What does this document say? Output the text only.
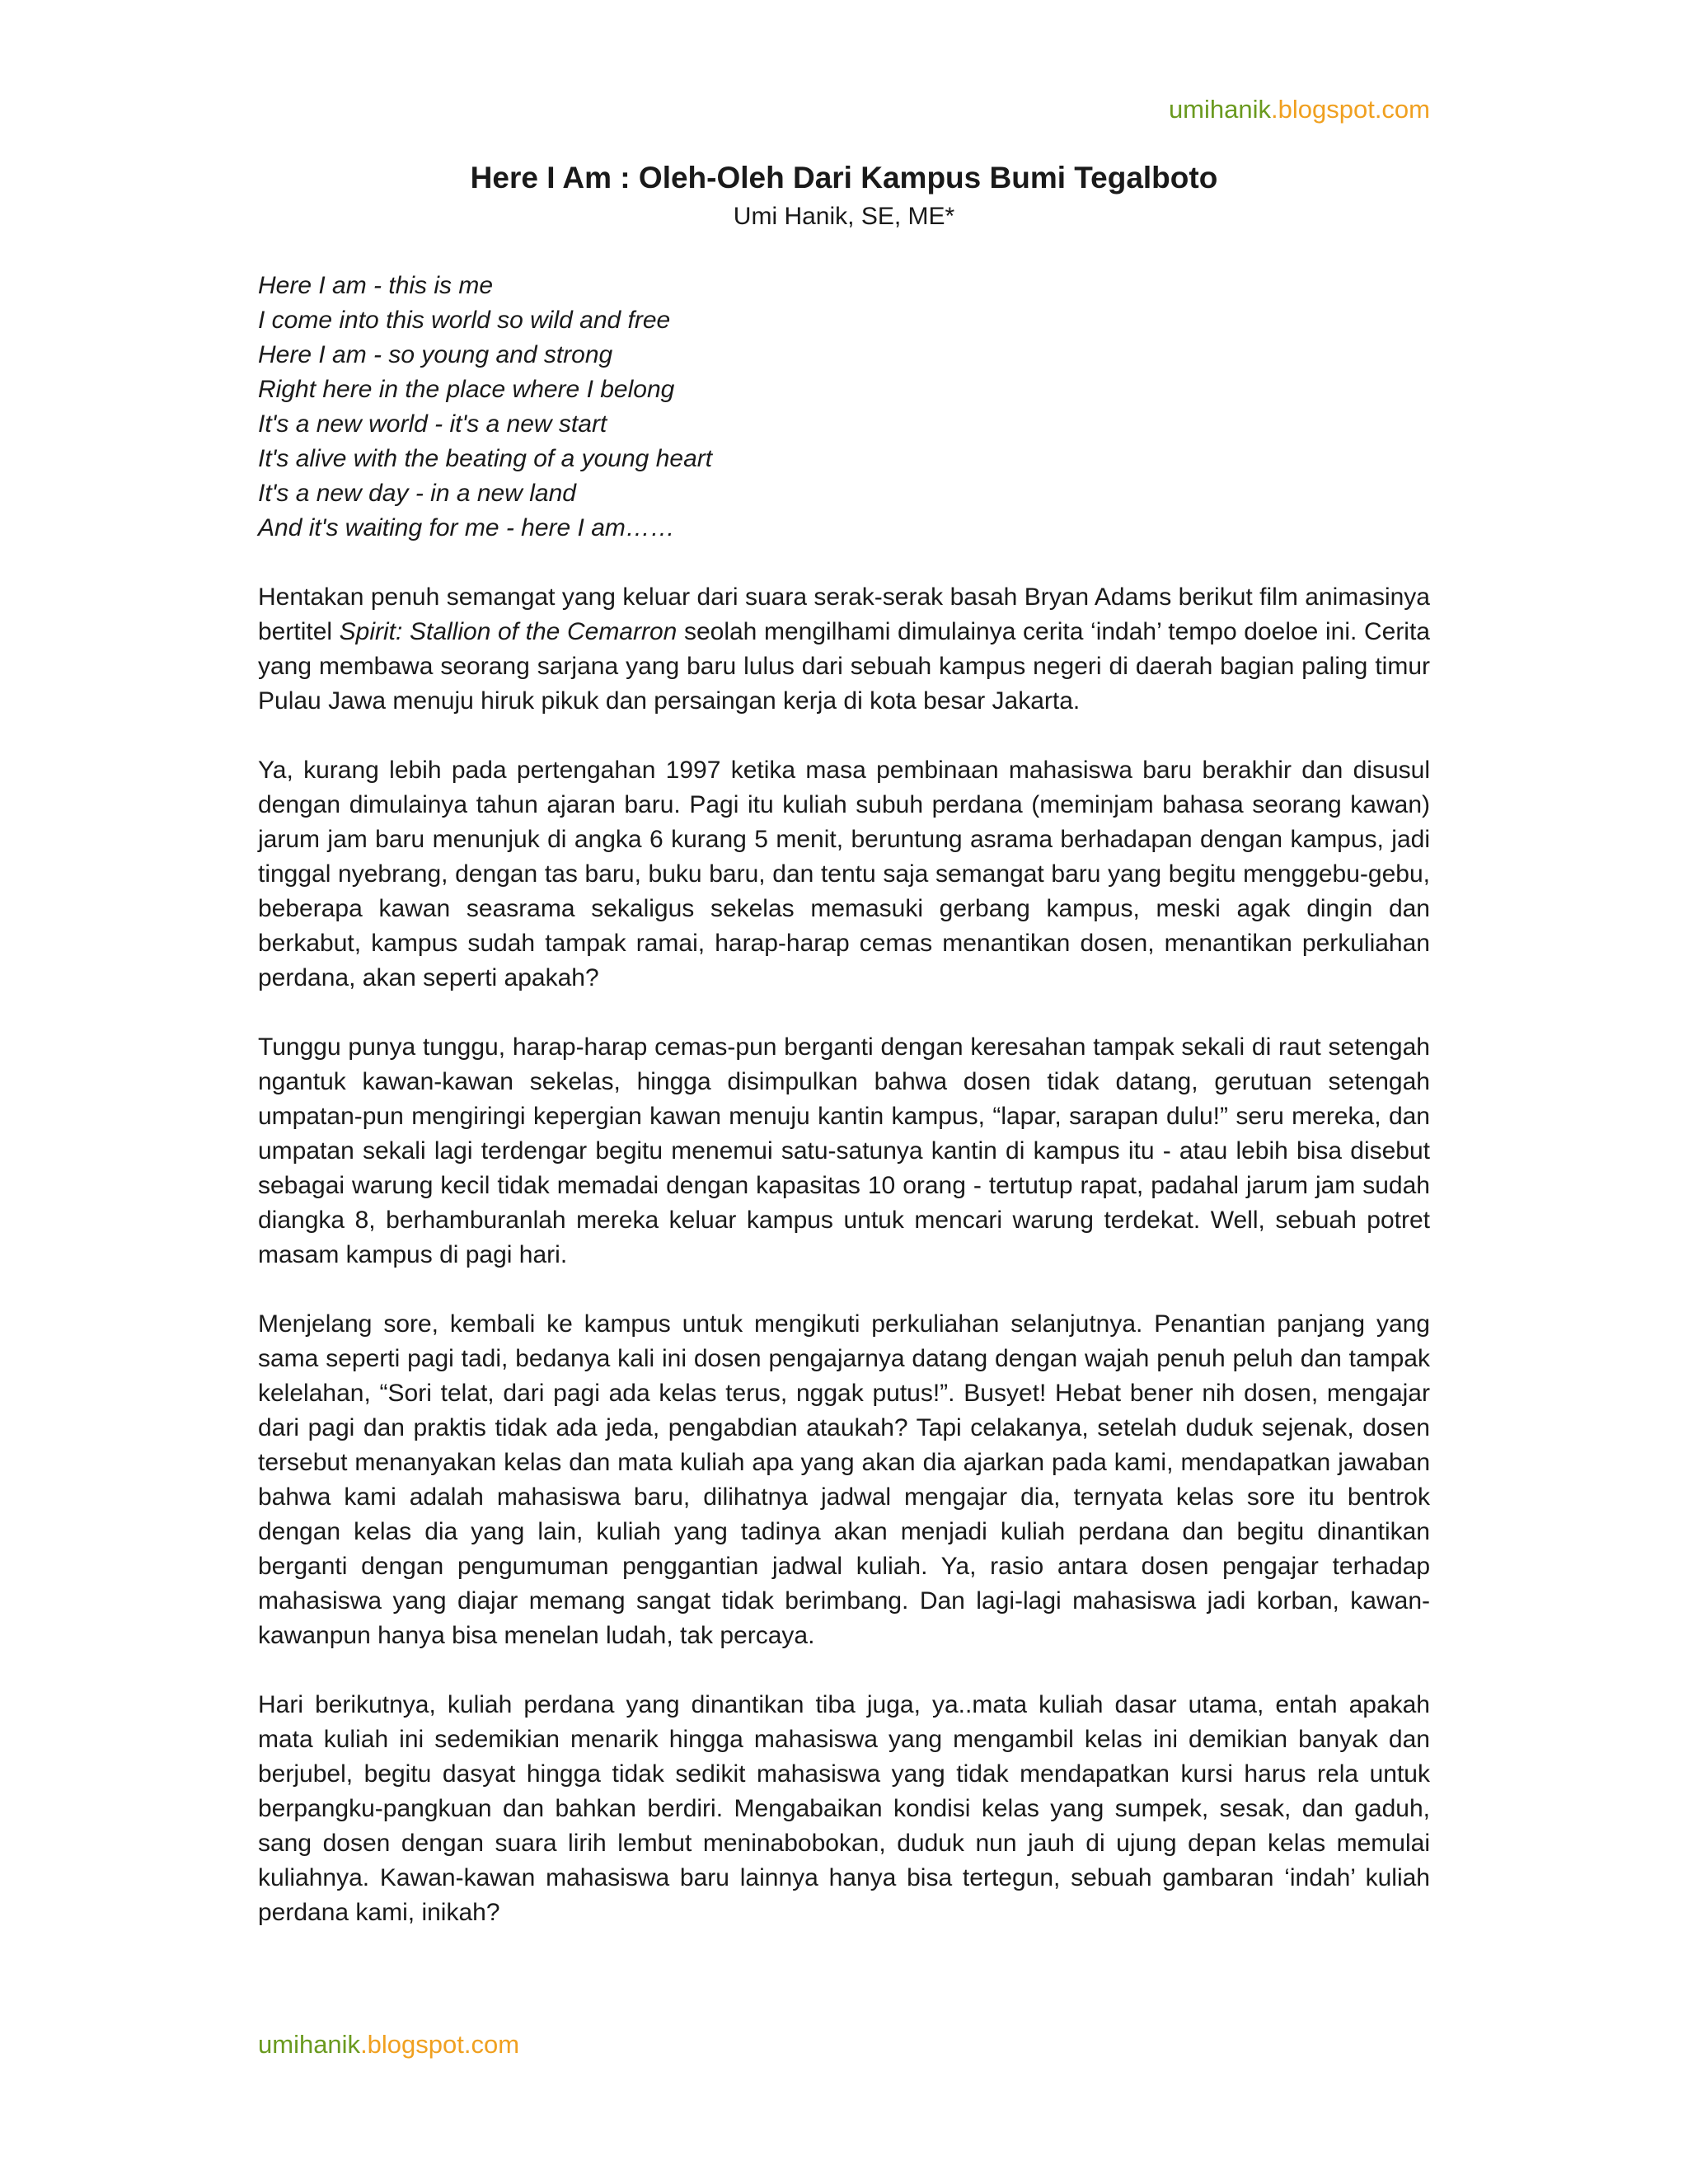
umihanik.blogspot.com
Here I Am : Oleh-Oleh Dari Kampus Bumi Tegalboto

Umi Hanik, SE, ME*

Here I am - this is me
I come into this world so wild and free
Here I am - so young and strong
Right here in the place where I belong
It's a new world - it's a new start
It's alive with the beating of a young heart
It's a new day - in a new land
And it's waiting for me - here I am……

Hentakan penuh semangat yang keluar dari suara serak-serak basah Bryan Adams berikut film animasinya bertitel Spirit: Stallion of the Cemarron seolah mengilhami dimulainya cerita ‘indah’ tempo doeloe ini. Cerita yang membawa seorang sarjana yang baru lulus dari sebuah kampus negeri di daerah bagian paling timur Pulau Jawa menuju hiruk pikuk dan persaingan kerja di kota besar Jakarta.

Ya, kurang lebih pada pertengahan 1997 ketika masa pembinaan mahasiswa baru berakhir dan disusul dengan dimulainya tahun ajaran baru. Pagi itu kuliah subuh perdana (meminjam bahasa seorang kawan) jarum jam baru menunjuk di angka 6 kurang 5 menit, beruntung asrama berhadapan dengan kampus, jadi tinggal nyebrang, dengan tas baru, buku baru, dan tentu saja semangat baru yang begitu menggebu-gebu, beberapa kawan seasrama sekaligus sekelas memasuki gerbang kampus, meski agak dingin dan berkabut, kampus sudah tampak ramai, harap-harap cemas menantikan dosen, menantikan perkuliahan perdana, akan seperti apakah?

Tunggu punya tunggu, harap-harap cemas-pun berganti dengan keresahan tampak sekali di raut setengah ngantuk kawan-kawan sekelas, hingga disimpulkan bahwa dosen tidak datang, gerutuan setengah umpatan-pun mengiringi kepergian kawan menuju kantin kampus, “lapar, sarapan dulu!” seru mereka, dan umpatan sekali lagi terdengar begitu menemui satu-satunya kantin di kampus itu - atau lebih bisa disebut sebagai warung kecil tidak memadai dengan kapasitas 10 orang - tertutup rapat, padahal jarum jam sudah diangka 8, berhamburanlah mereka keluar kampus untuk mencari warung terdekat. Well, sebuah potret masam kampus di pagi hari.

Menjelang sore, kembali ke kampus untuk mengikuti perkuliahan selanjutnya. Penantian panjang yang sama seperti pagi tadi, bedanya kali ini dosen pengajarnya datang dengan wajah penuh peluh dan tampak kelelahan, “Sori telat, dari pagi ada kelas terus, nggak putus!”. Busyet! Hebat bener nih dosen, mengajar dari pagi dan praktis tidak ada jeda, pengabdian ataukah? Tapi celakanya, setelah duduk sejenak, dosen tersebut menanyakan kelas dan mata kuliah apa yang akan dia ajarkan pada kami, mendapatkan jawaban bahwa kami adalah mahasiswa baru, dilihatnya jadwal mengajar dia, ternyata kelas sore itu bentrok dengan kelas dia yang lain, kuliah yang tadinya akan menjadi kuliah perdana dan begitu dinantikan berganti dengan pengumuman penggantian jadwal kuliah. Ya, rasio antara dosen pengajar terhadap mahasiswa yang diajar memang sangat tidak berimbang. Dan lagi-lagi mahasiswa jadi korban, kawan-kawanpun hanya bisa menelan ludah, tak percaya.

Hari berikutnya, kuliah perdana yang dinantikan tiba juga, ya..mata kuliah dasar utama, entah apakah mata kuliah ini sedemikian menarik hingga mahasiswa yang mengambil kelas ini demikian banyak dan berjubel, begitu dasyat hingga tidak sedikit mahasiswa yang tidak mendapatkan kursi harus rela untuk berpangku-pangkuan dan bahkan berdiri. Mengabaikan kondisi kelas yang sumpek, sesak, dan gaduh, sang dosen dengan suara lirih lembut meninabobokan, duduk nun jauh di ujung depan kelas memulai kuliahnya. Kawan-kawan mahasiswa baru lainnya hanya bisa tertegun, sebuah gambaran ‘indah’ kuliah perdana kami, inikah?

umihanik.blogspot.com
